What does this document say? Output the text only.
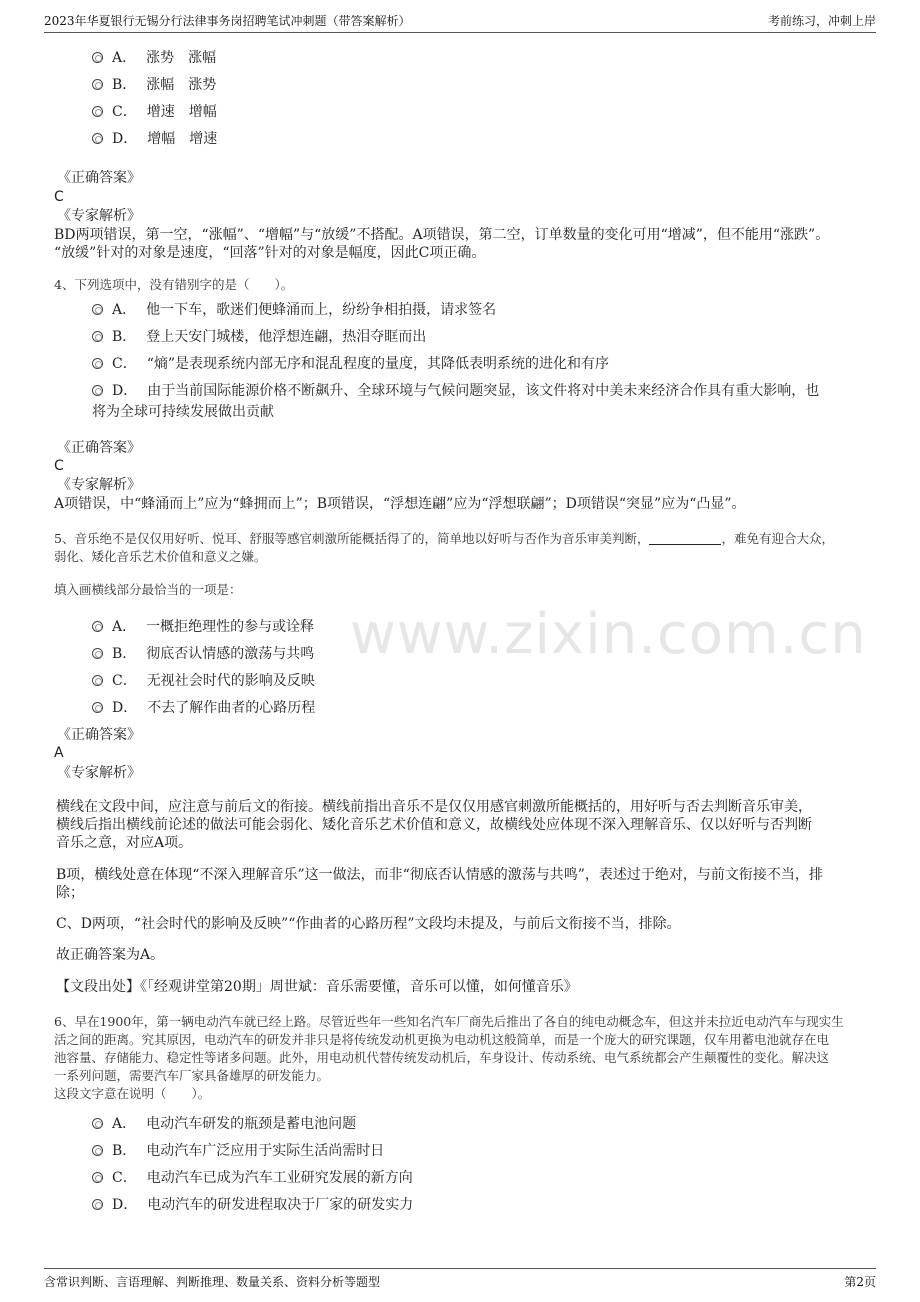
2023年华夏银行无锡分行法律事务岗招聘笔试冲刺题（带答案解析）	考前练习，冲刺上岸
www.zixin.com.cn
A． 涨势　涨幅
B． 涨幅　涨势
C． 增速　增幅
D． 增幅　增速
《正确答案》
C
《专家解析》
BD两项错误，第一空，“涨幅”、“增幅”与“放缓”不搭配。A项错误，第二空，订单数量的变化可用“增减”，但不能用“涨跌”。
“放缓”针对的对象是速度，“回落”针对的对象是幅度，因此C项正确。
4、下列选项中，没有错别字的是（　　）。
A． 他一下车，歌迷们便蜂涌而上，纷纷争相拍摄，请求签名
B． 登上天安门城楼，他浮想连翩，热泪夺眶而出
C． “熵”是表现系统内部无序和混乱程度的量度，其降低表明系统的进化和有序
D． 由于当前国际能源价格不断飙升、全球环境与气候问题突显，该文件将对中美未来经济合作具有重大影响，也
将为全球可持续发展做出贡献
《正确答案》
C
《专家解析》
A项错误，中“蜂涌而上”应为“蜂拥而上”；B项错误，“浮想连翩”应为“浮想联翩”；D项错误“突显”应为“凸显”。
5、音乐绝不是仅仅用好听、悦耳、舒服等感官刺激所能概括得了的，简单地以好听与否作为音乐审美判断，	，难免有迎合大众，
弱化、矮化音乐艺术价值和意义之嫌。
填入画横线部分最恰当的一项是：
A． 一概拒绝理性的参与或诠释
B． 彻底否认情感的激荡与共鸣
C． 无视社会时代的影响及反映
D． 不去了解作曲者的心路历程
《正确答案》
A
《专家解析》
横线在文段中间，应注意与前后文的衔接。横线前指出音乐不是仅仅用感官刺激所能概括的，用好听与否去判断音乐审美，
横线后指出横线前论述的做法可能会弱化、矮化音乐艺术价值和意义，故横线处应体现不深入理解音乐、仅以好听与否判断
音乐之意，对应A项。
B项，横线处意在体现“不深入理解音乐”这一做法，而非“彻底否认情感的激荡与共鸣”，表述过于绝对，与前文衔接不当，排
除；
C、D两项，“社会时代的影响及反映”“作曲者的心路历程”文段均未提及，与前后文衔接不当，排除。
故正确答案为A。
【文段出处】《「经观讲堂第20期」周世斌：音乐需要懂，音乐可以懂，如何懂音乐》
6、早在1900年，第一辆电动汽车就已经上路。尽管近些年一些知名汽车厂商先后推出了各自的纯电动概念车，但这并未拉近电动汽车与现实生
活之间的距离。究其原因，电动汽车的研发并非只是将传统发动机更换为电动机这般简单，而是一个庞大的研究课题，仅车用蓄电池就存在电
池容量、存储能力、稳定性等诸多问题。此外，用电动机代替传统发动机后，车身设计、传动系统、电气系统都会产生颠覆性的变化。解决这
一系列问题，需要汽车厂家具备雄厚的研发能力。
这段文字意在说明（　　）。
A． 电动汽车研发的瓶颈是蓄电池问题
B． 电动汽车广泛应用于实际生活尚需时日
C． 电动汽车已成为汽车工业研究发展的新方向
D． 电动汽车的研发进程取决于厂家的研发实力
含常识判断、言语理解、判断推理、数量关系、资料分析等题型	第2页
